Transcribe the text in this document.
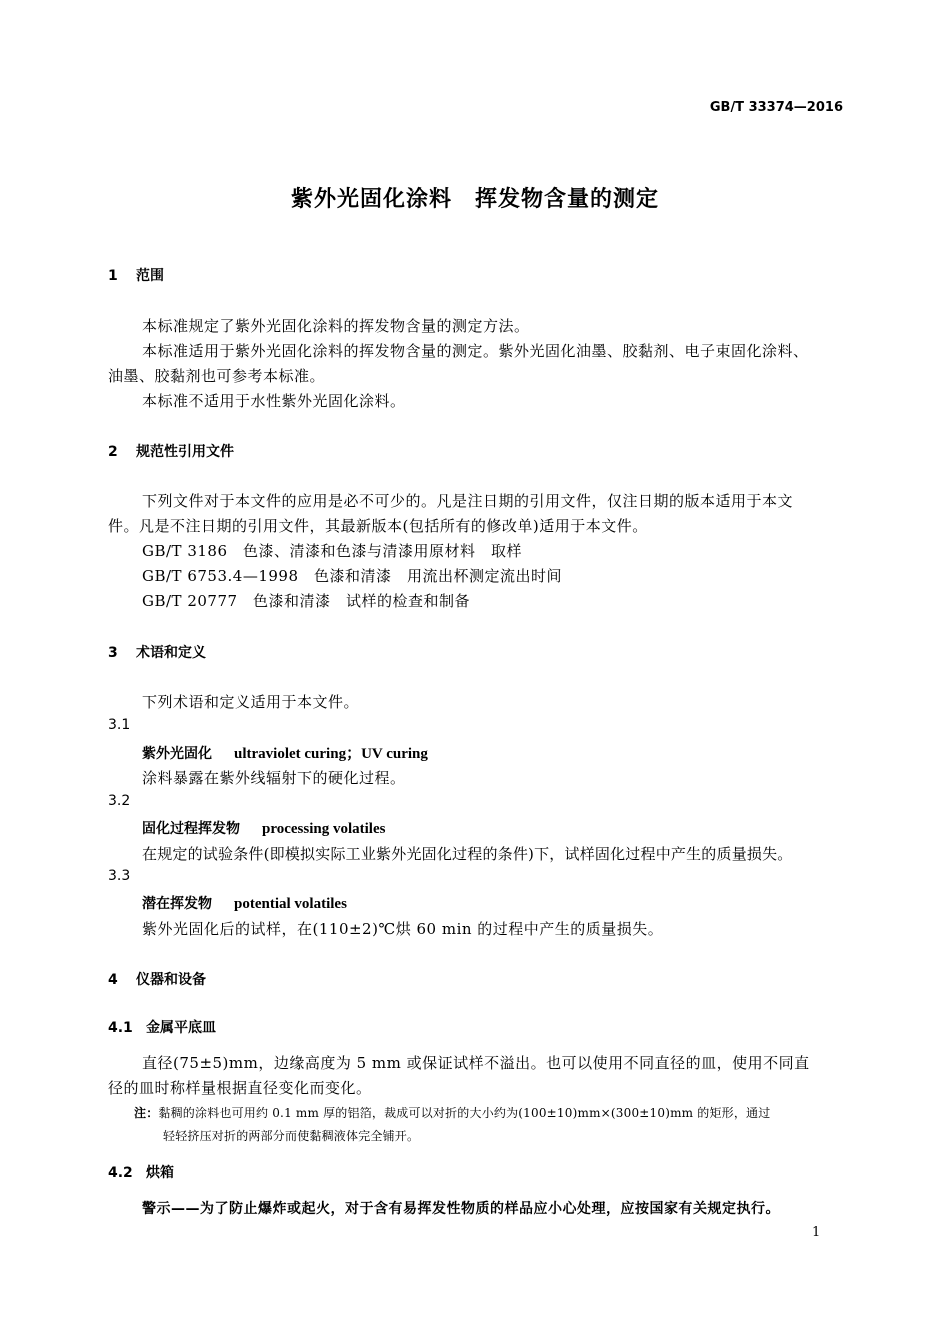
GB/T 33374—2016
紫外光固化涂料　挥发物含量的测定
1 范围
本标准规定了紫外光固化涂料的挥发物含量的测定方法。
本标准适用于紫外光固化涂料的挥发物含量的测定。紫外光固化油墨、胶黏剂、电子束固化涂料、
油墨、胶黏剂也可参考本标准。
本标准不适用于水性紫外光固化涂料。
2 规范性引用文件
下列文件对于本文件的应用是必不可少的。凡是注日期的引用文件，仅注日期的版本适用于本文
件。凡是不注日期的引用文件，其最新版本(包括所有的修改单)适用于本文件。
GB/T 3186　色漆、清漆和色漆与清漆用原材料　取样
GB/T 6753.4—1998　色漆和清漆　用流出杯测定流出时间
GB/T 20777　色漆和清漆　试样的检查和制备
3 术语和定义
下列术语和定义适用于本文件。
3.1
紫外光固化 ultraviolet curing；UV curing
涂料暴露在紫外线辐射下的硬化过程。
3.2
固化过程挥发物 processing volatiles
在规定的试验条件(即模拟实际工业紫外光固化过程的条件)下，试样固化过程中产生的质量损失。
3.3
潜在挥发物 potential volatiles
紫外光固化后的试样，在(110±2)℃烘 60 min 的过程中产生的质量损失。
4 仪器和设备
4.1 金属平底皿
直径(75±5)mm，边缘高度为 5 mm 或保证试样不溢出。也可以使用不同直径的皿，使用不同直
径的皿时称样量根据直径变化而变化。
注：黏稠的涂料也可用约 0.1 mm 厚的铝箔，裁成可以对折的大小约为(100±10)mm×(300±10)mm 的矩形，通过
轻轻挤压对折的两部分而使黏稠液体完全铺开。
4.2 烘箱
警示——为了防止爆炸或起火，对于含有易挥发性物质的样品应小心处理，应按国家有关规定执行。
1
